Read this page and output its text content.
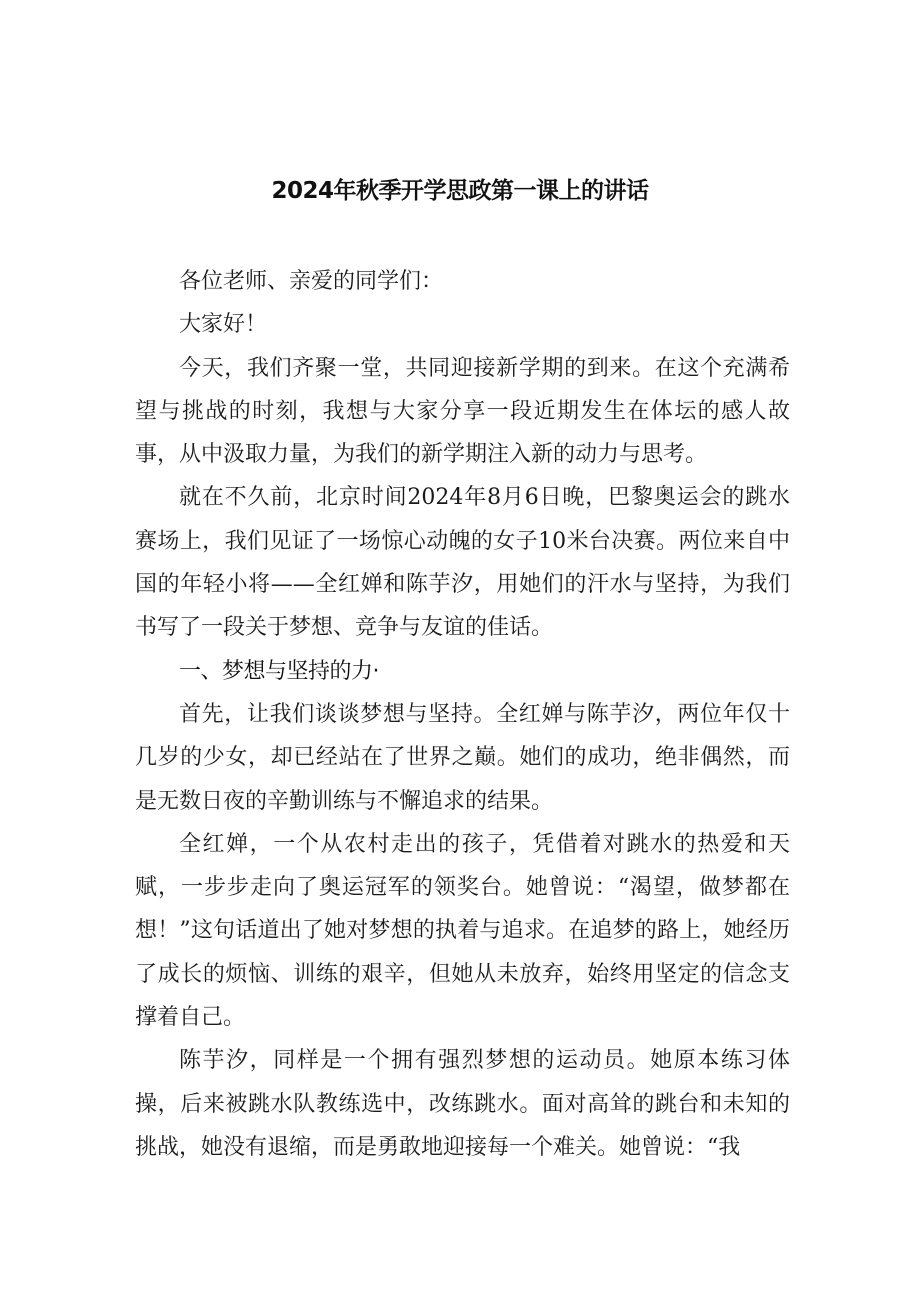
2024年秋季开学思政第一课上的讲话

各位老师、亲爱的同学们：

大家好！

今天，我们齐聚一堂，共同迎接新学期的到来。在这个充满希望与挑战的时刻，我想与大家分享一段近期发生在体坛的感人故事，从中汲取力量，为我们的新学期注入新的动力与思考。

就在不久前，北京时间2024年8月6日晚，巴黎奥运会的跳水赛场上，我们见证了一场惊心动魄的女子10米台决赛。两位来自中国的年轻小将——全红婵和陈芋汐，用她们的汗水与坚持，为我们书写了一段关于梦想、竞争与友谊的佳话。

一、梦想与坚持的力·

首先，让我们谈谈梦想与坚持。全红婵与陈芋汐，两位年仅十几岁的少女，却已经站在了世界之巅。她们的成功，绝非偶然，而是无数日夜的辛勤训练与不懈追求的结果。

全红婵，一个从农村走出的孩子，凭借着对跳水的热爱和天赋，一步步走向了奥运冠军的领奖台。她曾说：“渴望，做梦都在想！”这句话道出了她对梦想的执着与追求。在追梦的路上，她经历了成长的烦恼、训练的艰辛，但她从未放弃，始终用坚定的信念支撑着自己。

陈芋汐，同样是一个拥有强烈梦想的运动员。她原本练习体操，后来被跳水队教练选中，改练跳水。面对高耸的跳台和未知的挑战，她没有退缩，而是勇敢地迎接每一个难关。她曾说：“我
